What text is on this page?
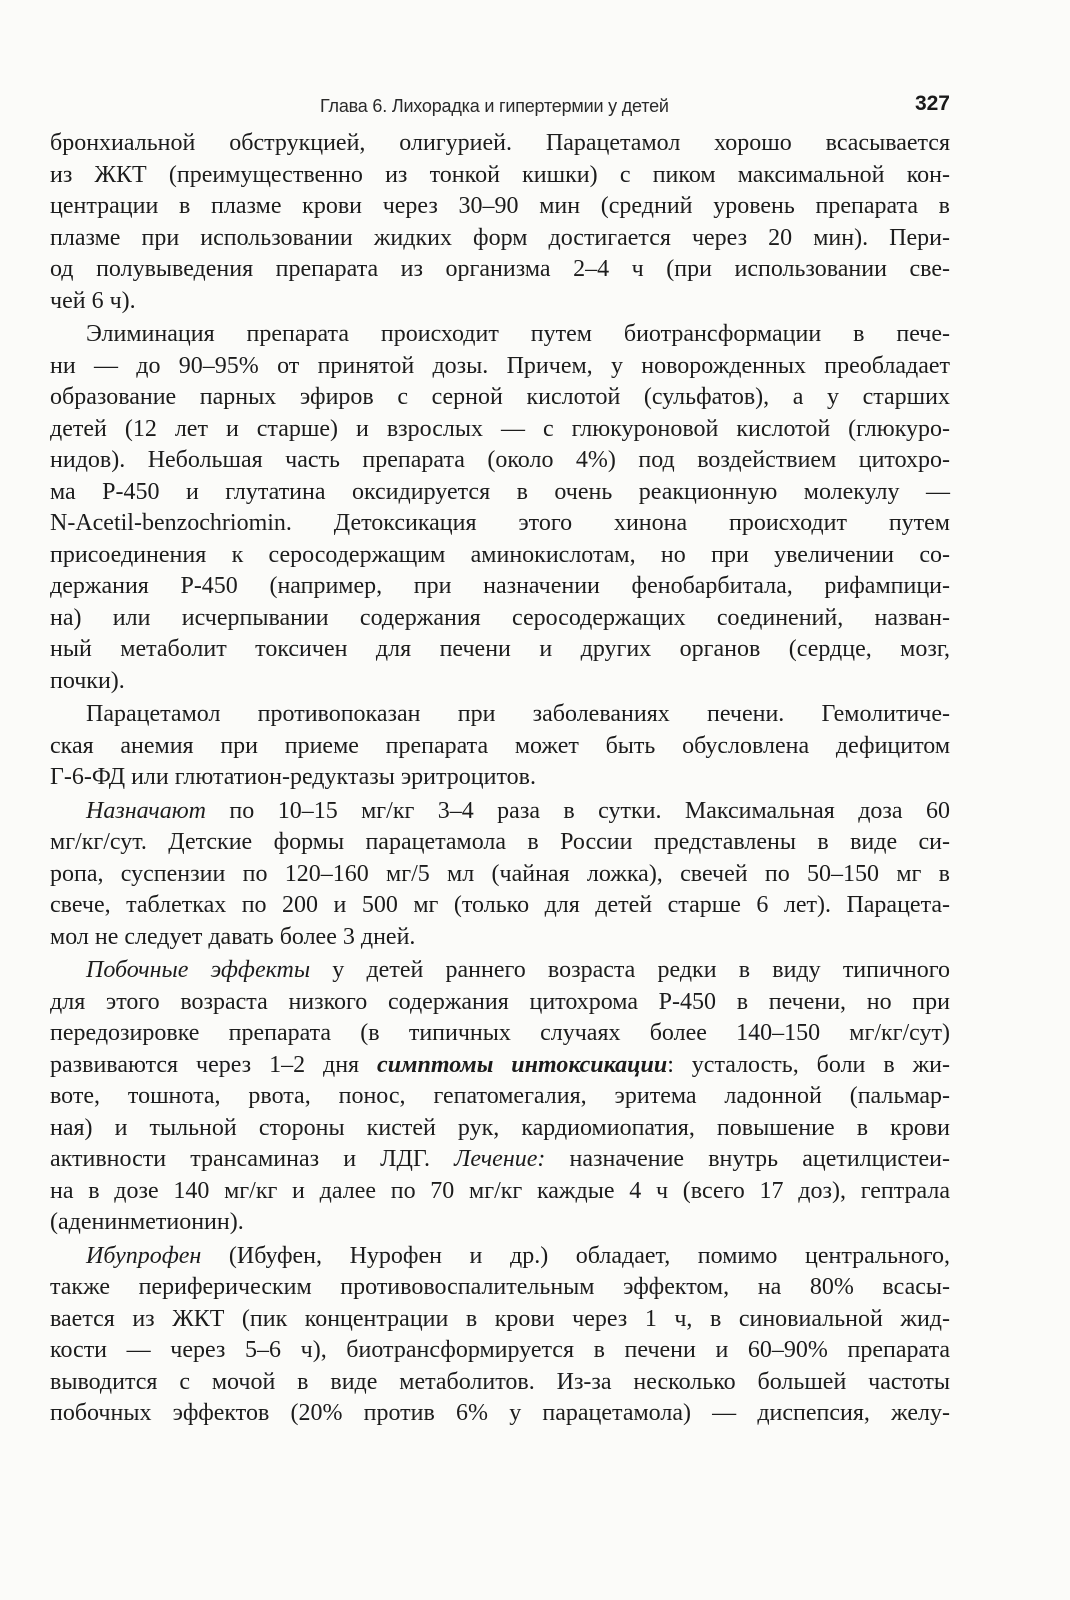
Глава 6. Лихорадка и гипертермии у детей	327
бронхиальной обструкцией, олигурией. Парацетамол хорошо всасывается
из ЖКТ (преимущественно из тонкой кишки) с пиком максимальной кон-
центрации в плазме крови через 30–90 мин (средний уровень препарата в
плазме при использовании жидких форм достигается через 20 мин). Пери-
од полувыведения препарата из организма 2–4 ч (при использовании све-
чей 6 ч).
Элиминация препарата происходит путем биотрансформации в пече-
ни — до 90–95% от принятой дозы. Причем, у новорожденных преобладает
образование парных эфиров с серной кислотой (сульфатов), а у старших
детей (12 лет и старше) и взрослых — с глюкуроновой кислотой (глюкуро-
нидов). Небольшая часть препарата (около 4%) под воздействием цитохро-
ма Р-450 и глутатина оксидируется в очень реакционную молекулу —
N-Acetil-benzochriomin. Детоксикация этого хинона происходит путем
присоединения к серосодержащим аминокислотам, но при увеличении со-
держания Р-450 (например, при назначении фенобарбитала, рифампици-
на) или исчерпывании содержания серосодержащих соединений, назван-
ный метаболит токсичен для печени и других органов (сердце, мозг,
почки).
Парацетамол противопоказан при заболеваниях печени. Гемолитиче-
ская анемия при приеме препарата может быть обусловлена дефицитом
Г-6-ФД или глютатион-редуктазы эритроцитов.
Назначают по 10–15 мг/кг 3–4 раза в сутки. Максимальная доза 60
мг/кг/сут. Детские формы парацетамола в России представлены в виде си-
ропа, суспензии по 120–160 мг/5 мл (чайная ложка), свечей по 50–150 мг в
свече, таблетках по 200 и 500 мг (только для детей старше 6 лет). Парацета-
мол не следует давать более 3 дней.
Побочные эффекты у детей раннего возраста редки в виду типичного
для этого возраста низкого содержания цитохрома Р-450 в печени, но при
передозировке препарата (в типичных случаях более 140–150 мг/кг/сут)
развиваются через 1–2 дня симптомы интоксикации: усталость, боли в жи-
воте, тошнота, рвота, понос, гепатомегалия, эритема ладонной (пальмар-
ная) и тыльной стороны кистей рук, кардиомиопатия, повышение в крови
активности трансаминаз и ЛДГ. Лечение: назначение внутрь ацетилцистеи-
на в дозе 140 мг/кг и далее по 70 мг/кг каждые 4 ч (всего 17 доз), гептрала
(аденинметионин).
Ибупрофен (Ибуфен, Нурофен и др.) обладает, помимо центрального,
также периферическим противовоспалительным эффектом, на 80% всасы-
вается из ЖКТ (пик концентрации в крови через 1 ч, в синовиальной жид-
кости — через 5–6 ч), биотрансформируется в печени и 60–90% препарата
выводится с мочой в виде метаболитов. Из-за несколько большей частоты
побочных эффектов (20% против 6% у парацетамола) — диспепсия, желу-
